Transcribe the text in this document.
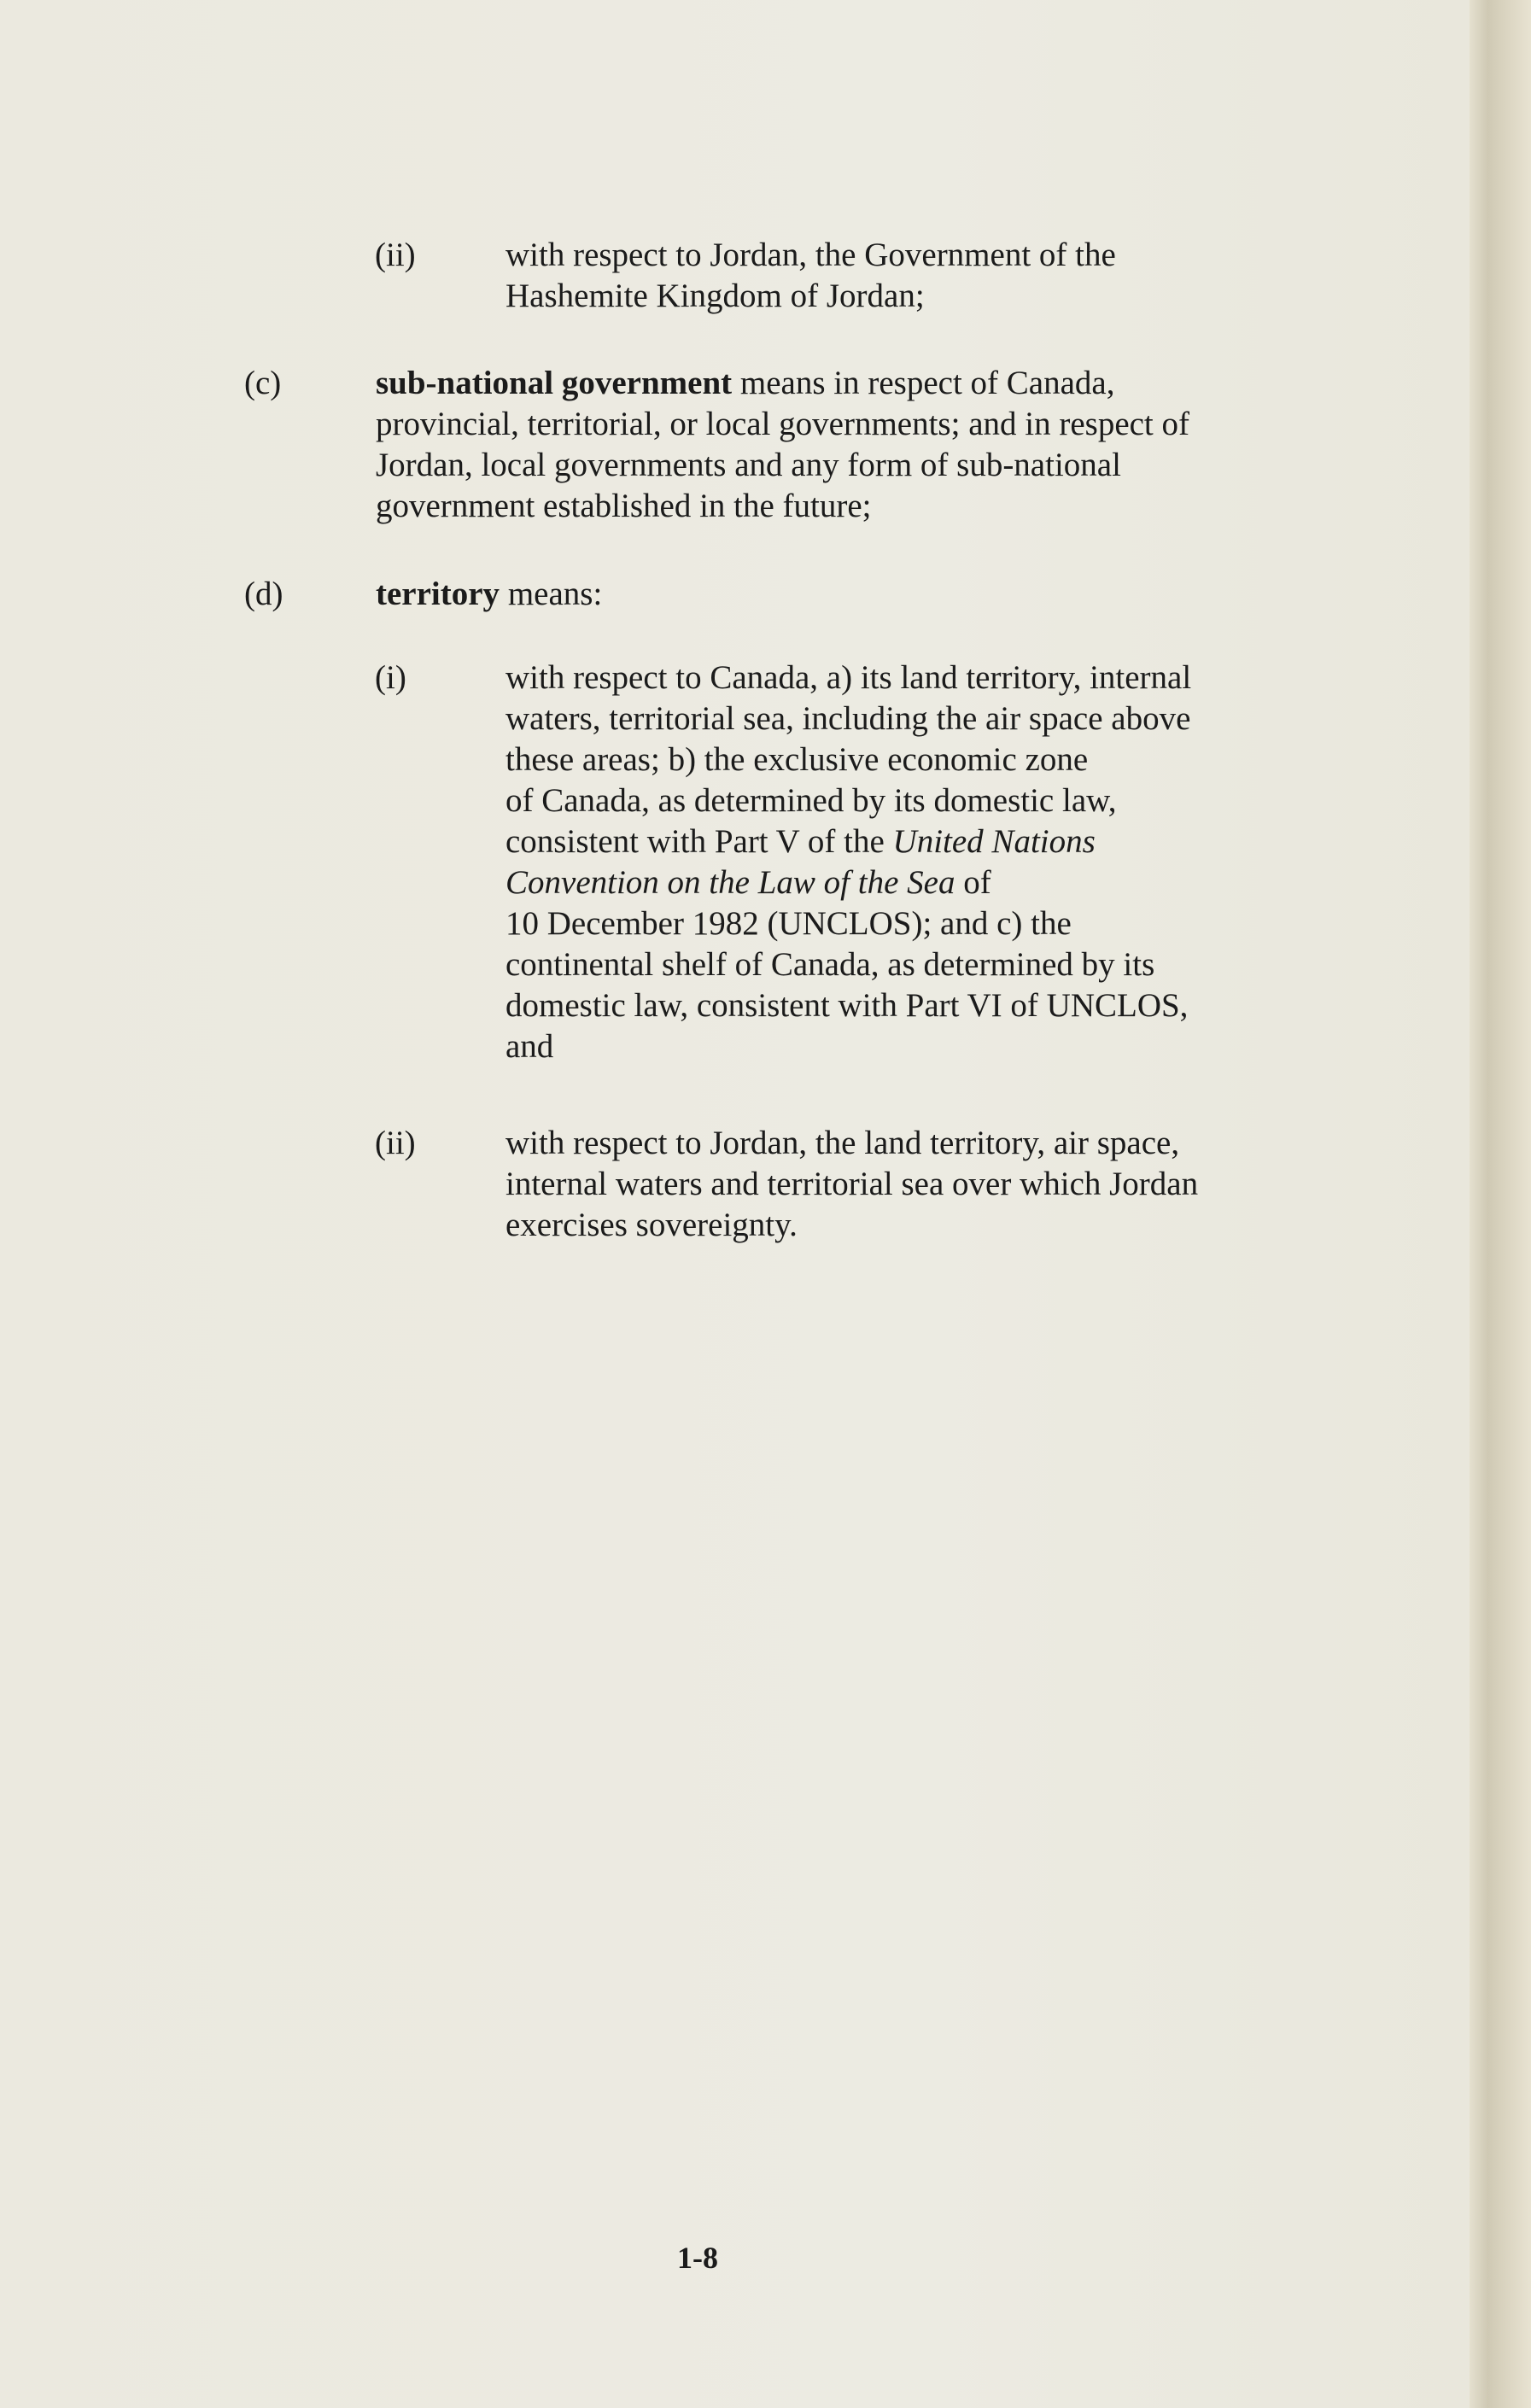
(ii)	with respect to Jordan, the Government of the

Hashemite Kingdom of Jordan;

(c)	sub-national government means in respect of Canada,

provincial, territorial, or local governments; and in respect of

Jordan, local governments and any form of sub-national

government established in the future;

(d)	territory means:

(i)	with respect to Canada, a) its land territory, internal

waters, territorial sea, including the air space above

these areas; b) the exclusive economic zone

of Canada, as determined by its domestic law,

consistent with Part V of the United Nations

Convention on the Law of the Sea of

10 December 1982 (UNCLOS); and c) the

continental shelf of Canada, as determined by its

domestic law, consistent with Part VI of UNCLOS,

and

(ii)	with respect to Jordan, the land territory, air space,

internal waters and territorial sea over which Jordan

exercises sovereignty.

1-8
